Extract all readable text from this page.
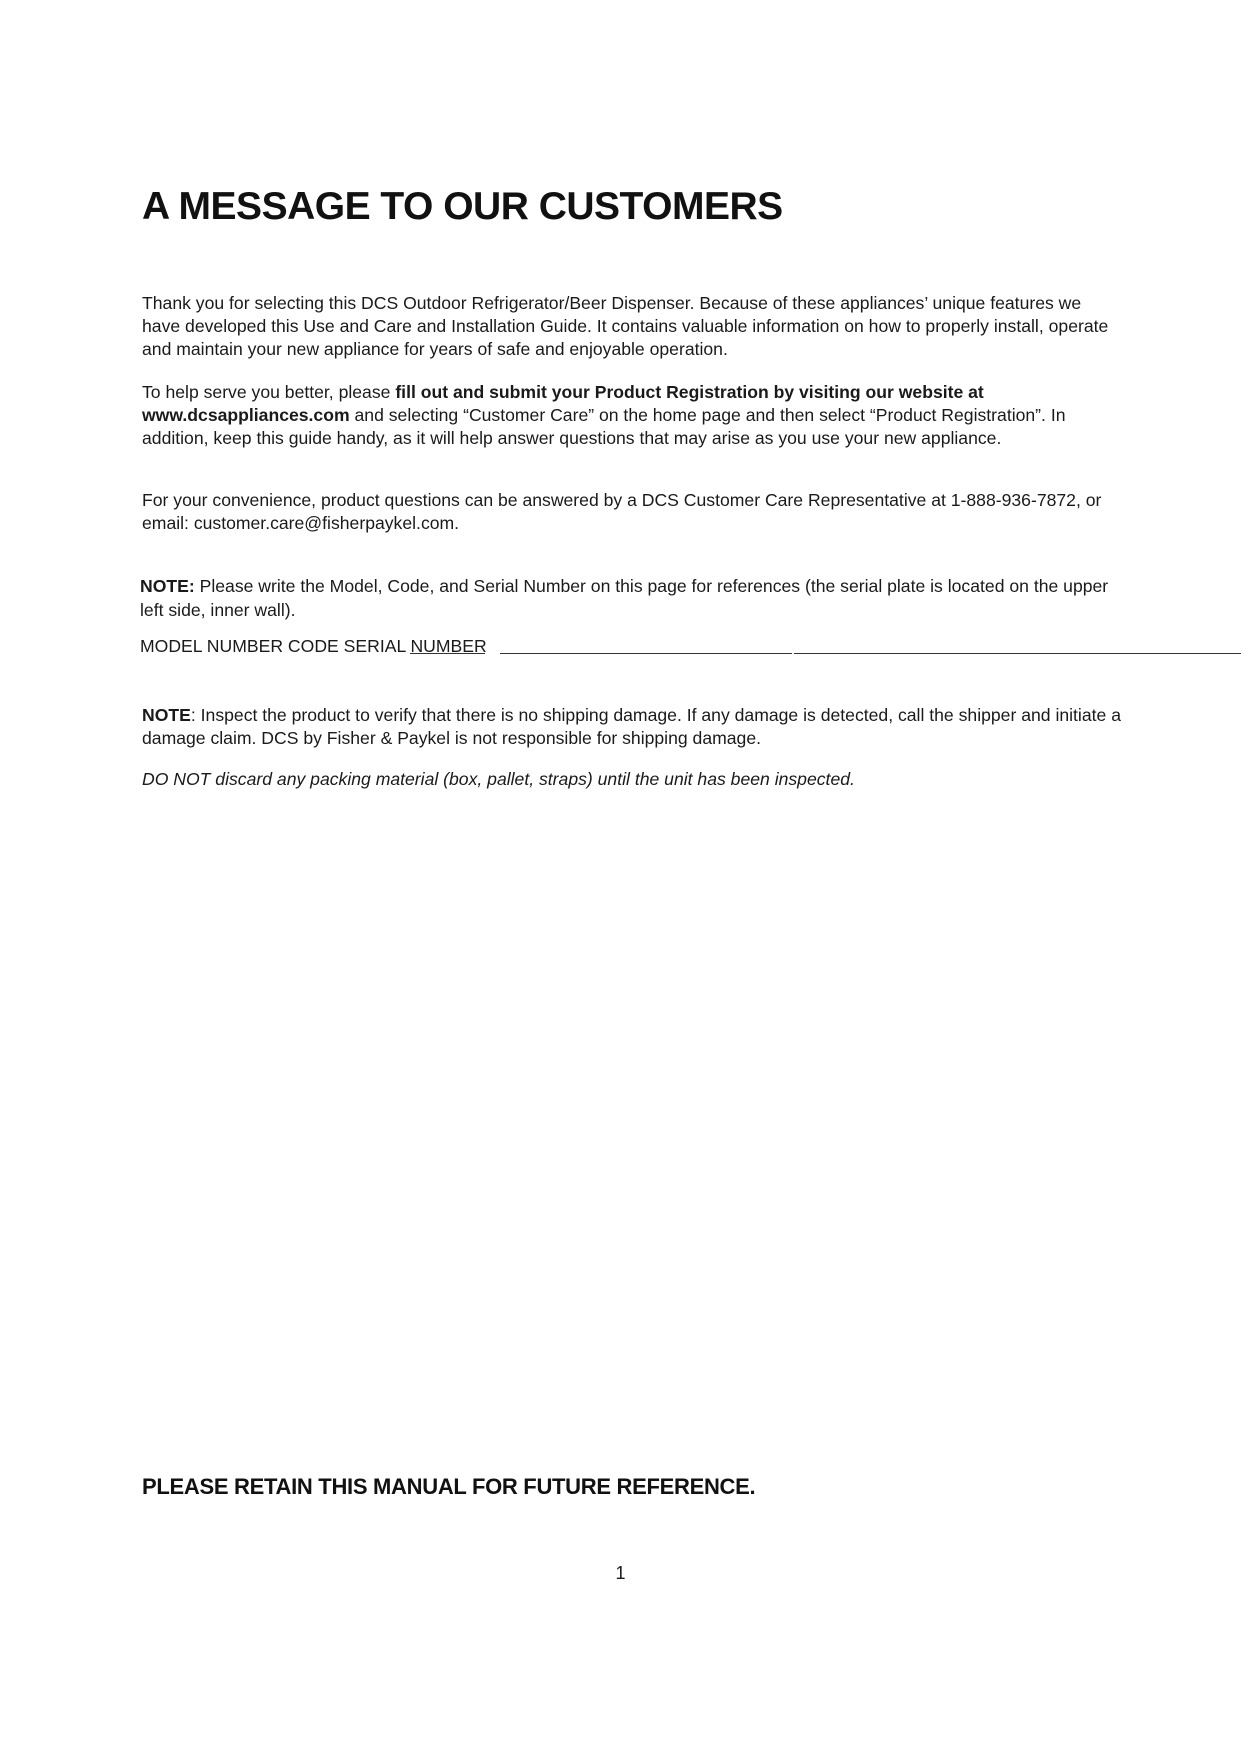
A MESSAGE TO OUR CUSTOMERS

Thank you for selecting this DCS Outdoor Refrigerator/Beer Dispenser. Because of these appliances’ unique features we have developed this Use and Care and Installation Guide. It contains valuable information on how to properly install, operate and maintain your new appliance for years of safe and enjoyable operation.

To help serve you better, please fill out and submit your Product Registration by visiting our website at www.dcsappliances.com and selecting “Customer Care” on the home page and then select “Product Registration”. In addition, keep this guide handy, as it will help answer questions that may arise as you use your new appliance.

For your convenience, product questions can be answered by a DCS Customer Care Representative at 1-888-936-7872, or email: customer.care@fisherpaykel.com.

NOTE: Please write the Model, Code, and Serial Number on this page for references (the serial plate is located on the upper left side, inner wall).

MODEL NUMBER CODE SERIAL NUMBER

NOTE: Inspect the product to verify that there is no shipping damage. If any damage is detected, call the shipper and initiate a damage claim. DCS by Fisher & Paykel is not responsible for shipping damage.

DO NOT discard any packing material (box, pallet, straps) until the unit has been inspected.

PLEASE RETAIN THIS MANUAL FOR FUTURE REFERENCE.

1
